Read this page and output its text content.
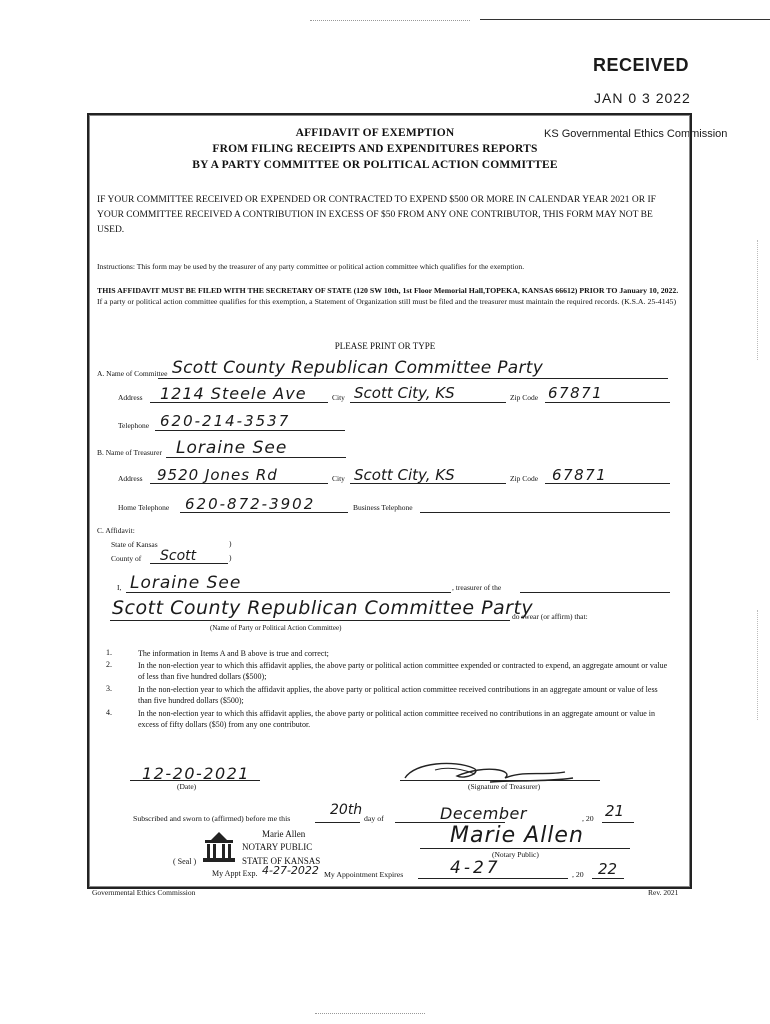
RECEIVED
JAN 0 3 2022
KS Governmental Ethics Commission
AFFIDAVIT OF EXEMPTION
FROM FILING RECEIPTS AND EXPENDITURES REPORTS
BY A PARTY COMMITTEE OR POLITICAL ACTION COMMITTEE
IF YOUR COMMITTEE RECEIVED OR EXPENDED OR CONTRACTED TO EXPEND $500 OR MORE IN CALENDAR YEAR 2021 OR IF YOUR COMMITTEE RECEIVED A CONTRIBUTION IN EXCESS OF $50 FROM ANY ONE CONTRIBUTOR, THIS FORM MAY NOT BE USED.
Instructions: This form may be used by the treasurer of any party committee or political action committee which qualifies for the exemption.
THIS AFFIDAVIT MUST BE FILED WITH THE SECRETARY OF STATE (120 SW 10th, 1st Floor Memorial Hall,TOPEKA, KANSAS 66612) PRIOR TO January 10, 2022. If a party or political action committee qualifies for this exemption, a Statement of Organization still must be filed and the treasurer must maintain the required records. (K.S.A. 25-4145)
PLEASE PRINT OR TYPE
A. Name of Committee Scott County Republican Committee Party
Address 1214 Steele Ave	City Scott City, KS	Zip Code 67871
Telephone 620-214-3537
B. Name of Treasurer Loraine See
Address 9520 Jones Rd	City Scott City, KS	Zip Code 67871
Home Telephone 620-872-3902	Business Telephone
C. Affidavit:
State of Kansas	)
County of Scott	)
I, Loraine See	, treasurer of the
Scott County Republican Committee Party
do swear (or affirm) that:
(Name of Party or Political Action Committee)
1.	The information in Items A and B above is true and correct;
2.	In the non-election year to which this affidavit applies, the above party or political action committee expended or contracted to expend, an aggregate amount or value of less than five hundred dollars ($500);
3.	In the non-election year to which the affidavit applies, the above party or political action committee received contributions in an aggregate amount or value of less than five hundred dollars ($500);
4.	In the non-election year to which this affidavit applies, the above party or political action committee received no contributions in an aggregate amount or value in excess of fifty dollars ($50) from any one contributor.
12-20-2021
(Date)	(Signature of Treasurer)
Subscribed and sworn to (affirmed) before me this
20th
day of	December	, 20 21
Marie Allen
NOTARY PUBLIC
STATE OF KANSAS
( Seal )
My Appt Exp. 4-27-2022
Marie Allen
(Notary Public)
My Appointment Expires	4-27	, 20 22
Governmental Ethics Commission	Rev. 2021
